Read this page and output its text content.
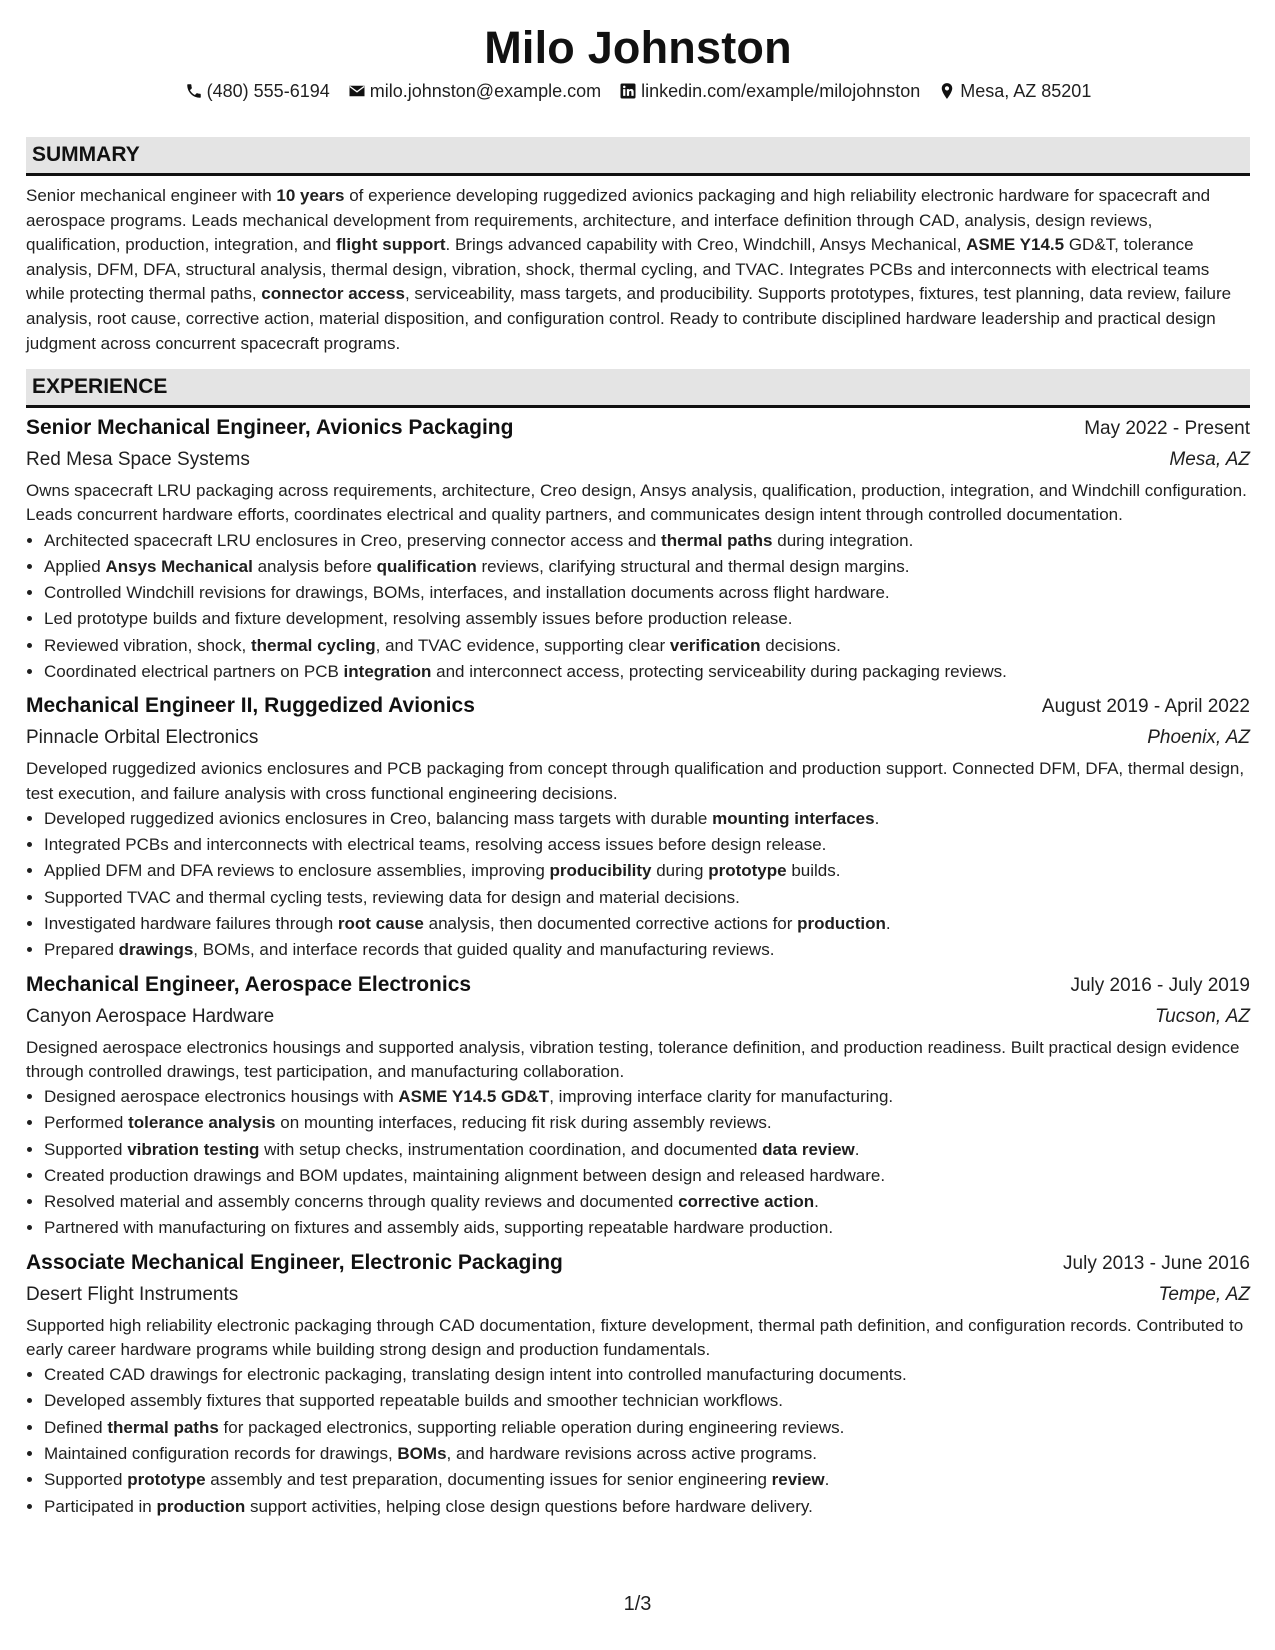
Milo Johnston
(480) 555-6194 milo.johnston@example.com linkedin.com/example/milojohnston Mesa, AZ 85201
SUMMARY
Senior mechanical engineer with 10 years of experience developing ruggedized avionics packaging and high reliability electronic hardware for spacecraft and aerospace programs. Leads mechanical development from requirements, architecture, and interface definition through CAD, analysis, design reviews, qualification, production, integration, and flight support. Brings advanced capability with Creo, Windchill, Ansys Mechanical, ASME Y14.5 GD&T, tolerance analysis, DFM, DFA, structural analysis, thermal design, vibration, shock, thermal cycling, and TVAC. Integrates PCBs and interconnects with electrical teams while protecting thermal paths, connector access, serviceability, mass targets, and producibility. Supports prototypes, fixtures, test planning, data review, failure analysis, root cause, corrective action, material disposition, and configuration control. Ready to contribute disciplined hardware leadership and practical design judgment across concurrent spacecraft programs.
EXPERIENCE
Senior Mechanical Engineer, Avionics Packaging	May 2022 - Present
Red Mesa Space Systems	Mesa, AZ
Owns spacecraft LRU packaging across requirements, architecture, Creo design, Ansys analysis, qualification, production, integration, and Windchill configuration. Leads concurrent hardware efforts, coordinates electrical and quality partners, and communicates design intent through controlled documentation.
• Architected spacecraft LRU enclosures in Creo, preserving connector access and thermal paths during integration.
• Applied Ansys Mechanical analysis before qualification reviews, clarifying structural and thermal design margins.
• Controlled Windchill revisions for drawings, BOMs, interfaces, and installation documents across flight hardware.
• Led prototype builds and fixture development, resolving assembly issues before production release.
• Reviewed vibration, shock, thermal cycling, and TVAC evidence, supporting clear verification decisions.
• Coordinated electrical partners on PCB integration and interconnect access, protecting serviceability during packaging reviews.
Mechanical Engineer II, Ruggedized Avionics	August 2019 - April 2022
Pinnacle Orbital Electronics	Phoenix, AZ
Developed ruggedized avionics enclosures and PCB packaging from concept through qualification and production support. Connected DFM, DFA, thermal design, test execution, and failure analysis with cross functional engineering decisions.
• Developed ruggedized avionics enclosures in Creo, balancing mass targets with durable mounting interfaces.
• Integrated PCBs and interconnects with electrical teams, resolving access issues before design release.
• Applied DFM and DFA reviews to enclosure assemblies, improving producibility during prototype builds.
• Supported TVAC and thermal cycling tests, reviewing data for design and material decisions.
• Investigated hardware failures through root cause analysis, then documented corrective actions for production.
• Prepared drawings, BOMs, and interface records that guided quality and manufacturing reviews.
Mechanical Engineer, Aerospace Electronics	July 2016 - July 2019
Canyon Aerospace Hardware	Tucson, AZ
Designed aerospace electronics housings and supported analysis, vibration testing, tolerance definition, and production readiness. Built practical design evidence through controlled drawings, test participation, and manufacturing collaboration.
• Designed aerospace electronics housings with ASME Y14.5 GD&T, improving interface clarity for manufacturing.
• Performed tolerance analysis on mounting interfaces, reducing fit risk during assembly reviews.
• Supported vibration testing with setup checks, instrumentation coordination, and documented data review.
• Created production drawings and BOM updates, maintaining alignment between design and released hardware.
• Resolved material and assembly concerns through quality reviews and documented corrective action.
• Partnered with manufacturing on fixtures and assembly aids, supporting repeatable hardware production.
Associate Mechanical Engineer, Electronic Packaging	July 2013 - June 2016
Desert Flight Instruments	Tempe, AZ
Supported high reliability electronic packaging through CAD documentation, fixture development, thermal path definition, and configuration records. Contributed to early career hardware programs while building strong design and production fundamentals.
• Created CAD drawings for electronic packaging, translating design intent into controlled manufacturing documents.
• Developed assembly fixtures that supported repeatable builds and smoother technician workflows.
• Defined thermal paths for packaged electronics, supporting reliable operation during engineering reviews.
• Maintained configuration records for drawings, BOMs, and hardware revisions across active programs.
• Supported prototype assembly and test preparation, documenting issues for senior engineering review.
• Participated in production support activities, helping close design questions before hardware delivery.
1/3
